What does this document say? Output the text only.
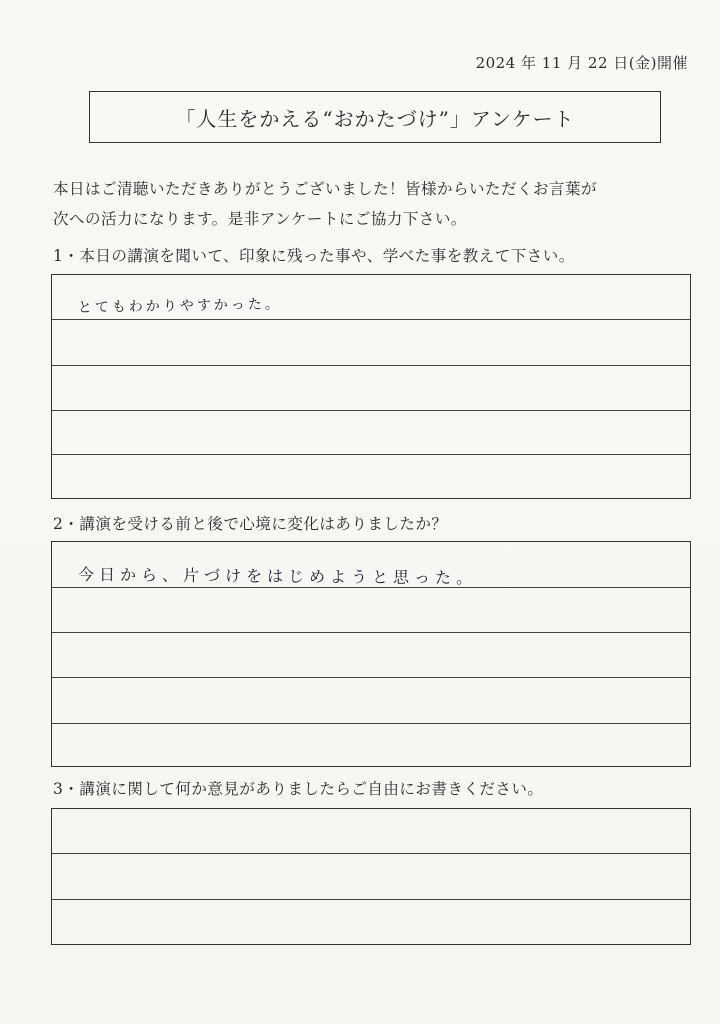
2024 年 11 月 22 日(金)開催
「人生をかえる“おかたづけ”」アンケート
本日はご清聴いただきありがとうございました！皆様からいただくお言葉が
次への活力になります。是非アンケートにご協力下さい。
1・本日の講演を聞いて、印象に残った事や、学べた事を教えて下さい。
とてもわかりやすかった。
2・講演を受ける前と後で心境に変化はありましたか？
今日から、片づけをはじめようと思った。
3・講演に関して何か意見がありましたらご自由にお書きください。
